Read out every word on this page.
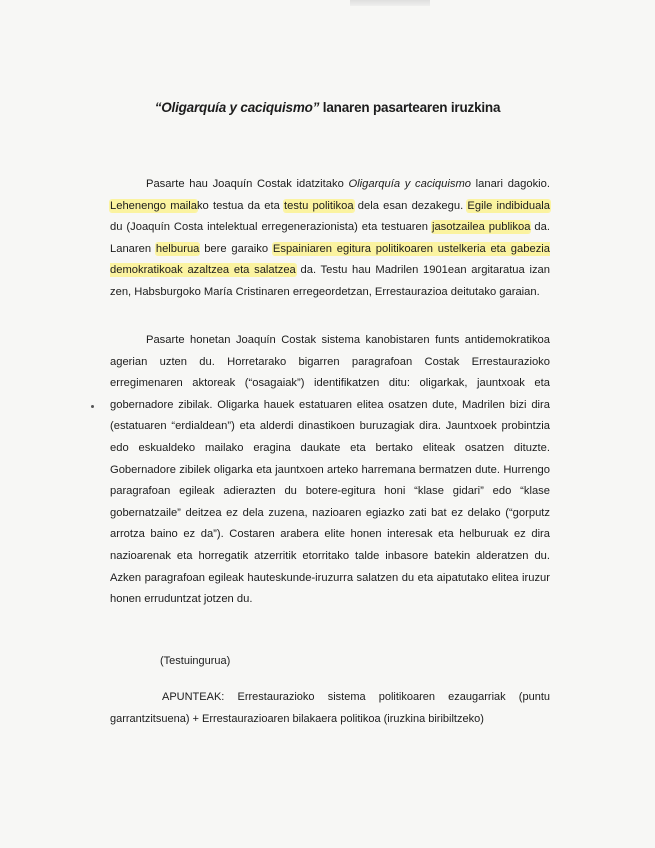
“Oligarquía y caciquismo” lanaren pasartearen iruzkina

Pasarte hau Joaquín Costak idatzitako Oligarquía y caciquismo lanari dagokio. Lehenengo mailako testua da eta testu politikoa dela esan dezakegu. Egile indibiduala du (Joaquín Costa intelektual erregenerazionista) eta testuaren jasotzailea publikoa da. Lanaren helburua bere garaiko Espainiaren egitura politikoaren ustelkeria eta gabezia demokratikoak azaltzea eta salatzea da. Testu hau Madrilen 1901ean argitaratua izan zen, Habsburgoko María Cristinaren erregeordetzan, Errestaurazioa deitutako garaian.

Pasarte honetan Joaquín Costak sistema kanobistaren funts antidemokratikoa agerian uzten du. Horretarako bigarren paragrafoan Costak Errestaurazioko erregimenaren aktoreak (“osagaiak”) identifikatzen ditu: oligarkak, jauntxoak eta gobernadore zibilak. Oligarka hauek estatuaren elitea osatzen dute, Madrilen bizi dira (estatuaren “erdialdean”) eta alderdi dinastikoen buruzagiak dira. Jauntxoek probintzia edo eskualdeko mailako eragina daukate eta bertako eliteak osatzen dituzte. Gobernadore zibilek oligarka eta jauntxoen arteko harremana bermatzen dute. Hurrengo paragrafoan egileak adierazten du botere-egitura honi “klase gidari” edo “klase gobernatzaile” deitzea ez dela zuzena, nazioaren egiazko zati bat ez delako (“gorputz arrotza baino ez da”). Costaren arabera elite honen interesak eta helburuak ez dira nazioarenak eta horregatik atzerritik etorritako talde inbasore batekin alderatzen du. Azken paragrafoan egileak hauteskunde-iruzurra salatzen du eta aipatutako elitea iruzur honen erruduntzat jotzen du.

(Testuingurua)
APUNTEAK: Errestaurazioko sistema politikoaren ezaugarriak (puntu garrantzitsuena) + Errestaurazioaren bilakaera politikoa (iruzkina biribiltzeko)
